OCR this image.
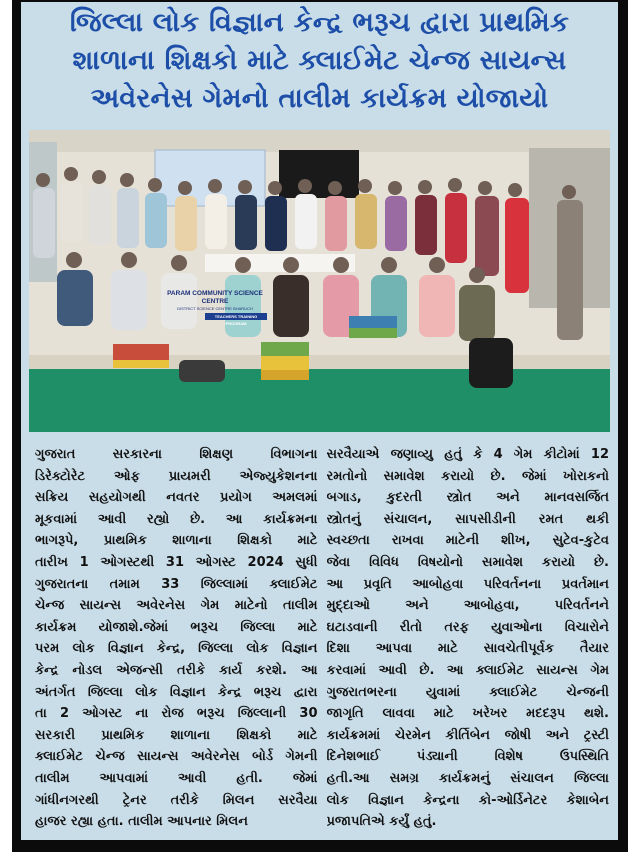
જિલ્લા લોક વિજ્ઞાન કેન્દ્ર ભરૂચ દ્વારા પ્રાથમિક
શાળાના શિક્ષકો માટે ક્લાઈમેટ ચેન્જ સાયન્સ
અવેરનેસ ગેમનો તાલીમ કાર્યક્રમ યોજાયો
PARAM COMMUNITY SCIENCE CENTRE
DISTRICT SCIENCE CENTRE BHARUCH
TEACHERS TRAINING PROGRAM
ગુજરાત સરકારના શિક્ષણ વિભાગના
ડિરેક્ટોરેટ ઓફ પ્રાયમરી એજ્યુકેશનના
સક્રિય સહયોગથી નવતર પ્રયોગ અમલમાં
મૂકવામાં આવી રહ્યો છે. આ કાર્યક્રમના
ભાગરૂપે, પ્રાથમિક શાળાના શિક્ષકો માટે
તારીખ 1 ઓગસ્ટથી 31 ઓગસ્ટ 2024 સુધી
ગુજરાતના તમામ 33 જિલ્લામાં ક્લાઈમેટ
ચેન્જ સાયન્સ અવેરનેસ ગેમ માટેનો તાલીમ
કાર્યક્રમ યોજાશે.જેમાં ભરૂચ જિલ્લા માટે
પરમ લોક વિજ્ઞાન કેન્દ્ર, જિલ્લા લોક વિજ્ઞાન
કેન્દ્ર નોડલ એજન્સી તરીકે કાર્ય કરશે. આ
અંતર્ગત જિલ્લા લોક વિજ્ઞાન કેન્દ્ર ભરૂચ દ્વારા
તા 2 ઓગસ્ટ ના રોજ ભરૂચ જિલ્લાની 30
સરકારી પ્રાથમિક શાળાના શિક્ષકો માટે
ક્લાઈમેટ ચેન્જ સાયન્સ અવેરનેસ બોર્ડ ગેમની
તાલીમ આપવામાં આવી હતી. જેમાં
ગાંધીનગરથી ટ્રેનર તરીકે મિલન સરવૈયા
હાજર રહ્યા હતા. તાલીમ આપનાર મિલન
સરવૈયાએ જણાવ્યુ હતું કે 4 ગેમ કીટોમાં 12
રમતોનો સમાવેશ કરાયો છે. જેમાં ખોરાકનો
બગાડ, કુદરતી સ્ત્રોત અને માનવસર્જિત
સ્ત્રોતનું સંચાલન, સાપસીડીની રમત થકી
સ્વચ્છતા રાખવા માટેની શીખ, સુટેવ-કુટેવ
જેવા વિવિધ વિષયોનો સમાવેશ કરાયો છે.
આ પ્રવૃતિ આબોહવા પરિવર્તનના પ્રવર્તમાન
મુદ્દાઓ અને આબોહવા, પરિવર્તનને
ઘટાડવાની રીતો તરફ યુવાઓના વિચારોને
દિશા આપવા માટે સાવચેતીપૂર્વક તૈયાર
કરવામાં આવી છે. આ ક્લાઈમેટ સાયન્સ ગેમ
ગુજરાતભરના યુવામાં ક્લાઈમેટ ચેન્જની
જાગૃતિ લાવવા માટે ખરેખર મદદરૂપ થશે.
કાર્યક્રમમાં ચેરમેન કીર્તિબેન જોષી અને ટ્રસ્ટી
દિનેશભાઈ પંડ્યાની વિશેષ ઉપસ્થિતિ
હતી.આ સમગ્ર કાર્યક્રમનું સંચાલન જિલ્લા
લોક વિજ્ઞાન કેન્દ્રના કો-ઓર્ડિનેટર કેશાબેન
પ્રજાપતિએ કર્યું હતું.
